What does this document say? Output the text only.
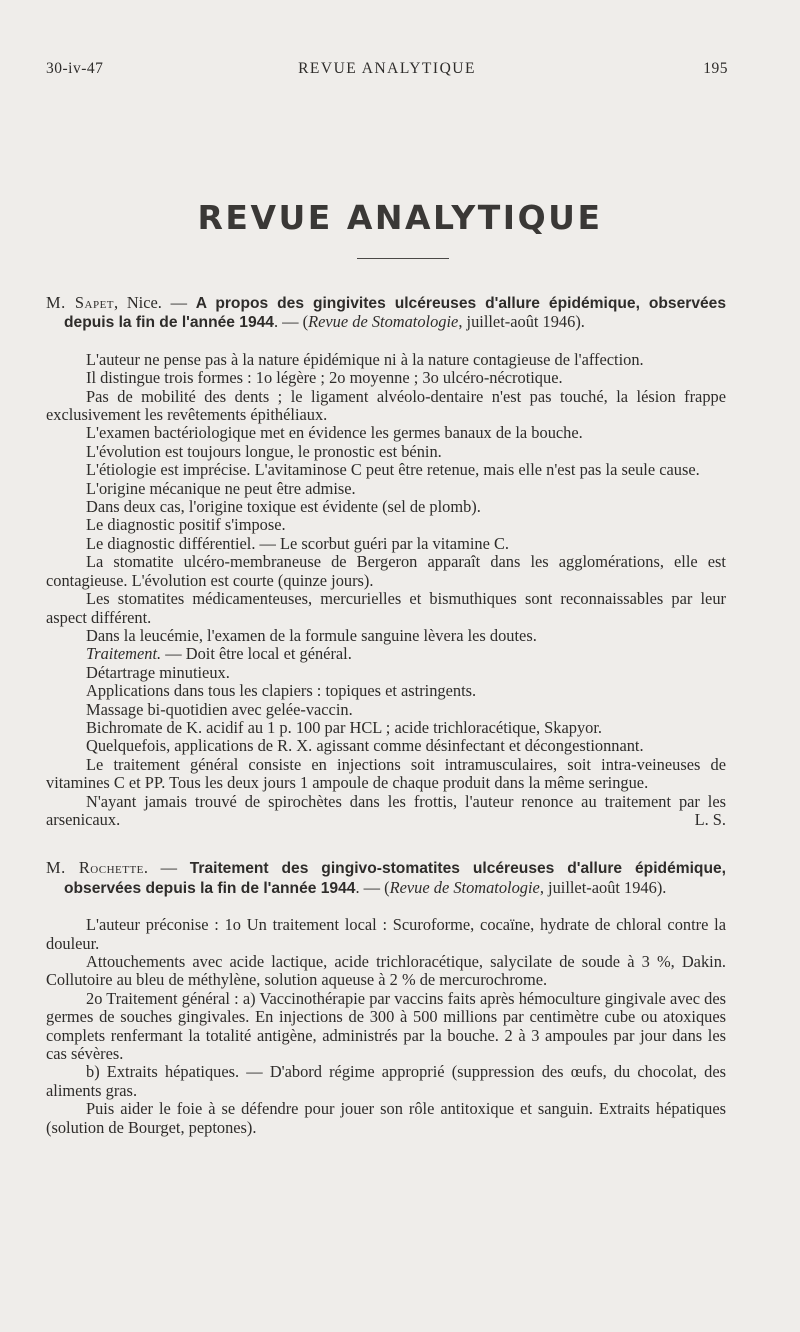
30-iv-47	REVUE ANALYTIQUE	195
REVUE ANALYTIQUE

M. Sapet, Nice. — A propos des gingivites ulcéreuses d'allure épidémique, observées depuis la fin de l'année 1944. — (Revue de Stomatologie, juillet-août 1946).

L'auteur ne pense pas à la nature épidémique ni à la nature contagieuse de l'affection.

Il distingue trois formes : 1o légère ; 2o moyenne ; 3o ulcéro-nécrotique.

Pas de mobilité des dents ; le ligament alvéolo-dentaire n'est pas touché, la lésion frappe exclusivement les revêtements épithéliaux.

L'examen bactériologique met en évidence les germes banaux de la bouche.

L'évolution est toujours longue, le pronostic est bénin.

L'étiologie est imprécise. L'avitaminose C peut être retenue, mais elle n'est pas la seule cause.

L'origine mécanique ne peut être admise.

Dans deux cas, l'origine toxique est évidente (sel de plomb).

Le diagnostic positif s'impose.

Le diagnostic différentiel. — Le scorbut guéri par la vitamine C.

La stomatite ulcéro-membraneuse de Bergeron apparaît dans les agglomérations, elle est contagieuse. L'évolution est courte (quinze jours).

Les stomatites médicamenteuses, mercurielles et bismuthiques sont reconnaissables par leur aspect différent.

Dans la leucémie, l'examen de la formule sanguine lèvera les doutes.

Traitement. — Doit être local et général.

Détartrage minutieux.

Applications dans tous les clapiers : topiques et astringents.

Massage bi-quotidien avec gelée-vaccin.

Bichromate de K. acidif au 1 p. 100 par HCL ; acide trichloracétique, Skapyor.

Quelquefois, applications de R. X. agissant comme désinfectant et décongestionnant.

Le traitement général consiste en injections soit intramusculaires, soit intra-veineuses de vitamines C et PP. Tous les deux jours 1 ampoule de chaque produit dans la même seringue.

N'ayant jamais trouvé de spirochètes dans les frottis, l'auteur renonce au traitement par les arsenicaux.	L. S.

M. Rochette. — Traitement des gingivo-stomatites ulcéreuses d'allure épidémique, observées depuis la fin de l'année 1944. — (Revue de Stomatologie, juillet-août 1946).

L'auteur préconise : 1o Un traitement local : Scuroforme, cocaïne, hydrate de chloral contre la douleur.

Attouchements avec acide lactique, acide trichloracétique, salycilate de soude à 3 %, Dakin. Collutoire au bleu de méthylène, solution aqueuse à 2 % de mercurochrome.

2o Traitement général : a) Vaccinothérapie par vaccins faits après hémoculture gingivale avec des germes de souches gingivales. En injections de 300 à 500 millions par centimètre cube ou atoxiques complets renfermant la totalité antigène, administrés par la bouche. 2 à 3 ampoules par jour dans les cas sévères.

b) Extraits hépatiques. — D'abord régime approprié (suppression des œufs, du chocolat, des aliments gras.

Puis aider le foie à se défendre pour jouer son rôle antitoxique et sanguin. Extraits hépatiques (solution de Bourget, peptones).
